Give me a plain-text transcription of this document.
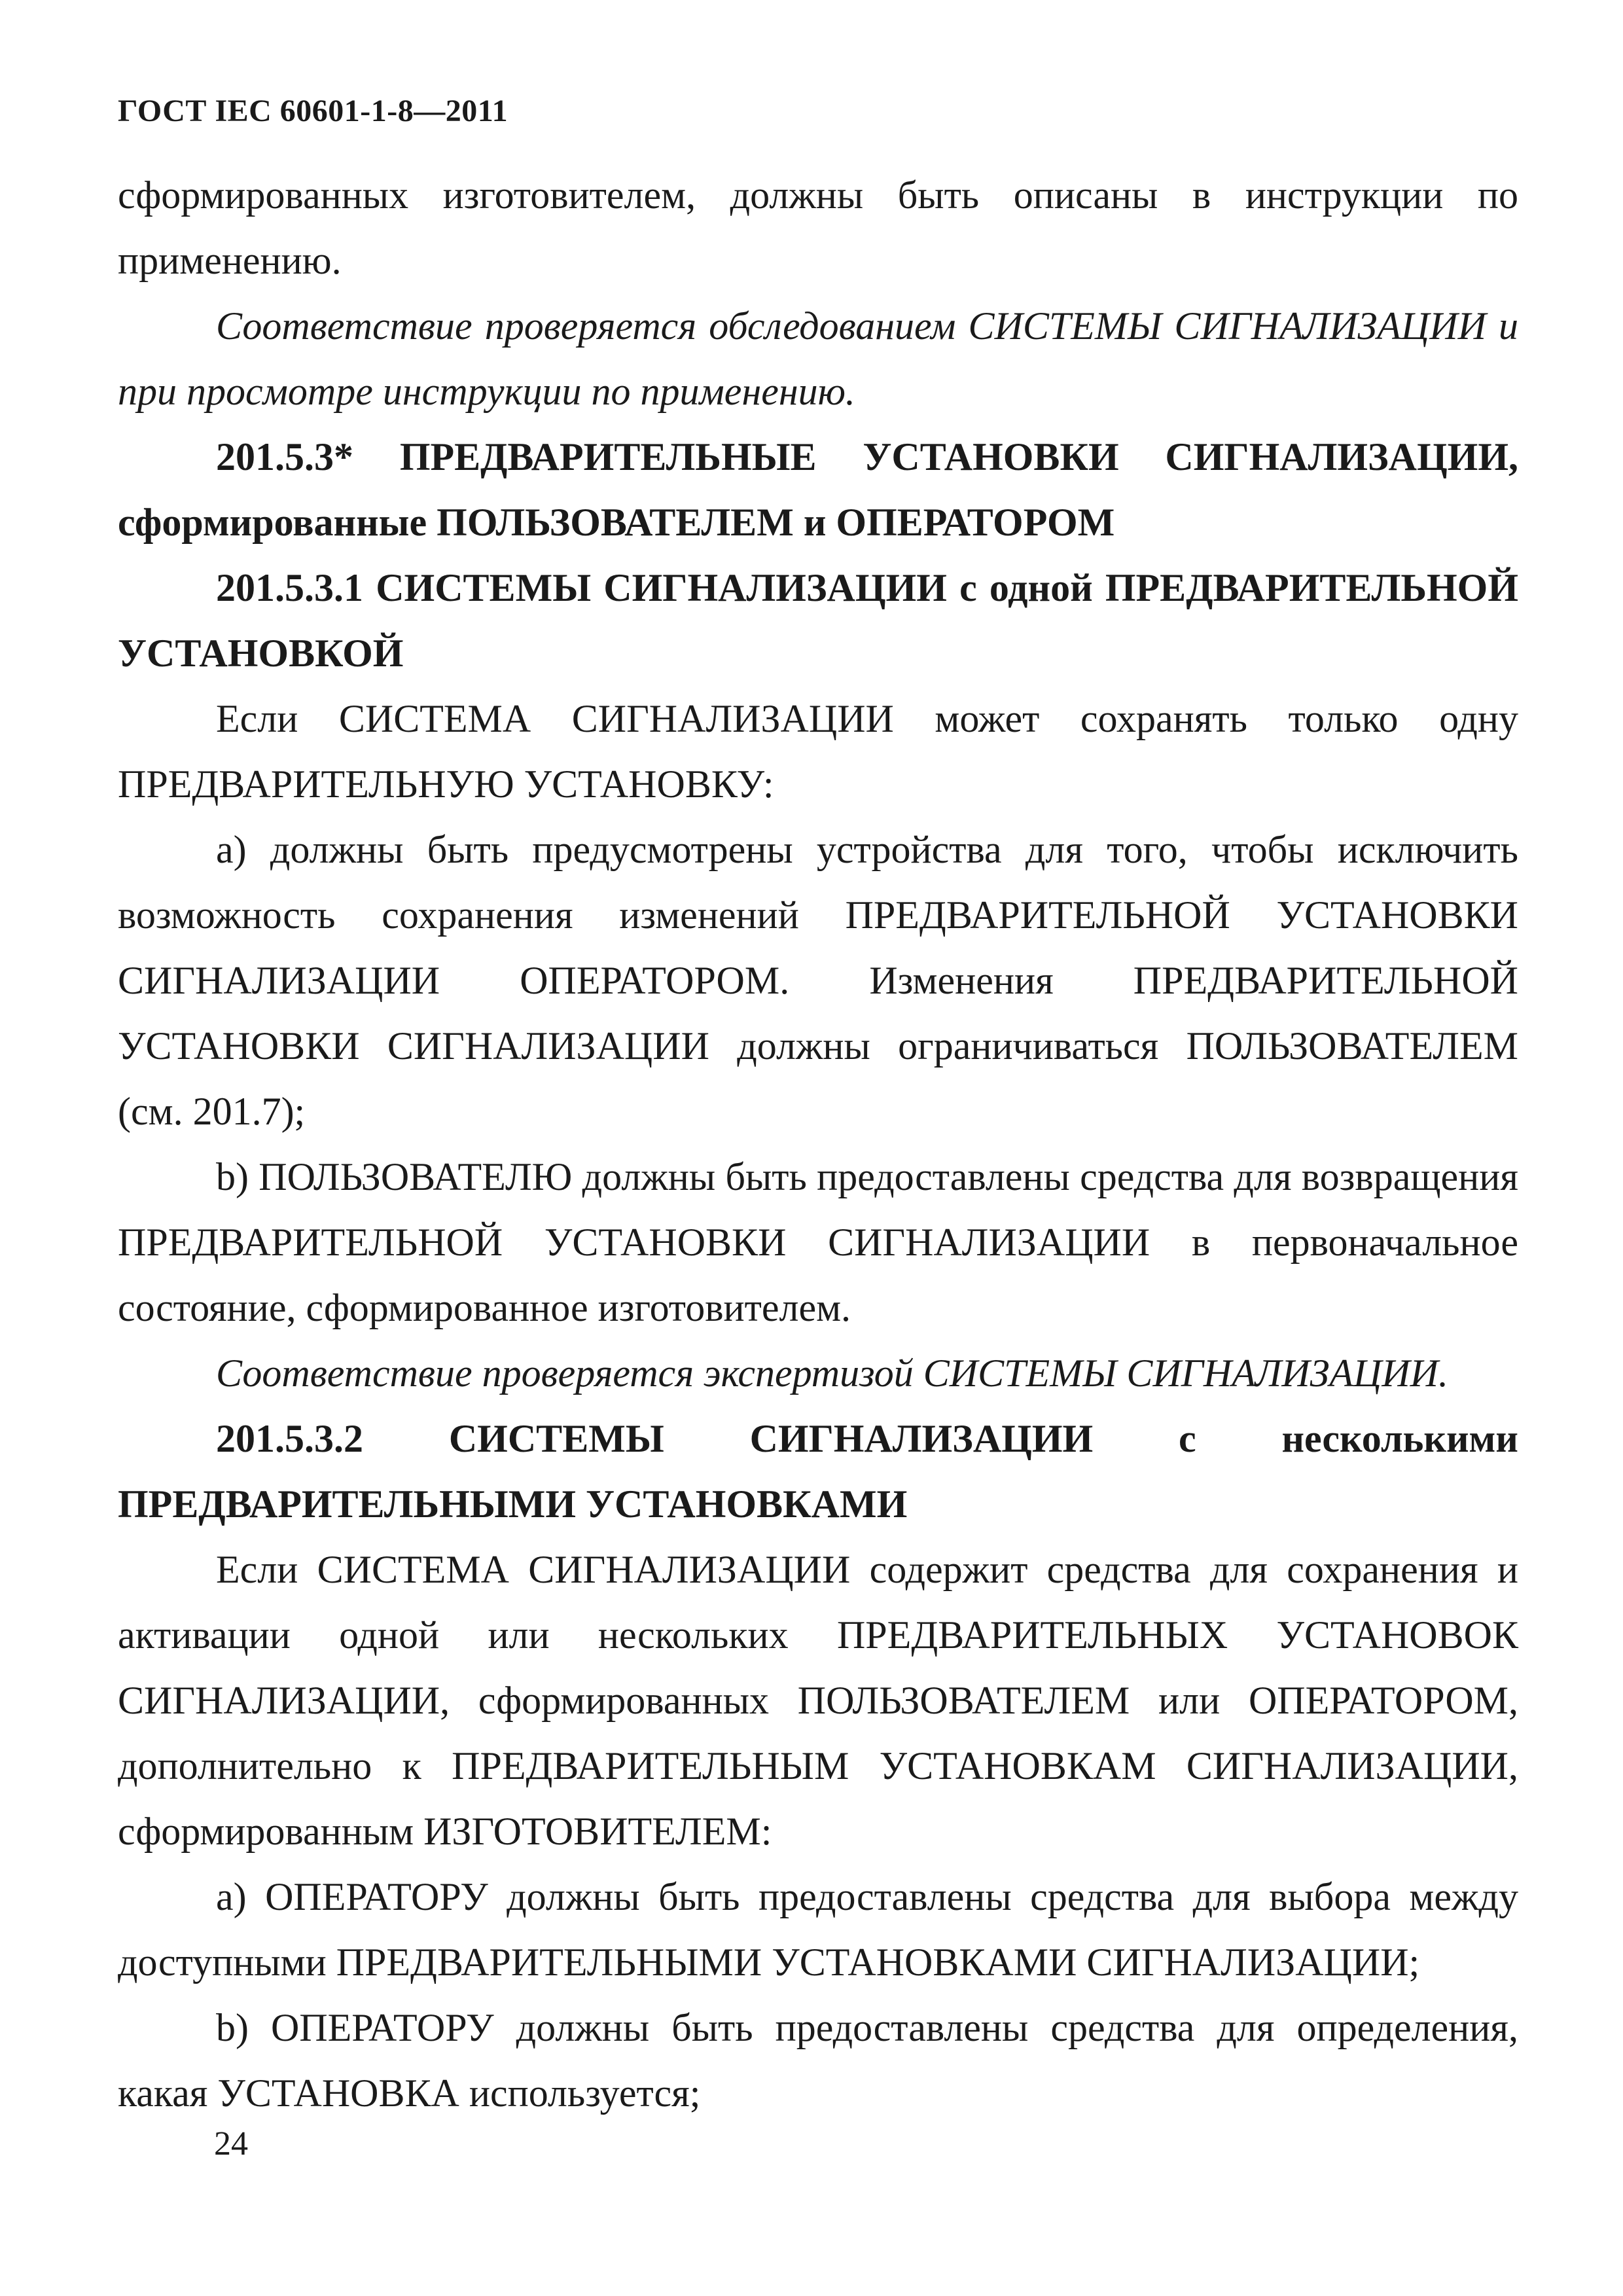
ГОСТ IEC 60601-1-8—2011

сформированных изготовителем, должны быть описаны в инструкции по применению.

Соответствие проверяется обследованием СИСТЕМЫ СИГНАЛИЗАЦИИ и при просмотре инструкции по применению.

201.5.3* ПРЕДВАРИТЕЛЬНЫЕ УСТАНОВКИ СИГНАЛИЗАЦИИ, сформированные ПОЛЬЗОВАТЕЛЕМ и ОПЕРАТОРОМ

201.5.3.1 СИСТЕМЫ СИГНАЛИЗАЦИИ с одной ПРЕДВАРИТЕЛЬНОЙ УСТАНОВКОЙ

Если СИСТЕМА СИГНАЛИЗАЦИИ может сохранять только одну ПРЕДВАРИТЕЛЬНУЮ УСТАНОВКУ:

а) должны быть предусмотрены устройства для того, чтобы исключить возможность сохранения изменений ПРЕДВАРИТЕЛЬНОЙ УСТАНОВКИ СИГНАЛИЗАЦИИ ОПЕРАТОРОМ. Изменения ПРЕДВАРИТЕЛЬНОЙ УСТАНОВКИ СИГНАЛИЗАЦИИ должны ограничиваться ПОЛЬЗОВАТЕЛЕМ (см. 201.7);

b) ПОЛЬЗОВАТЕЛЮ должны быть предоставлены средства для возвращения ПРЕДВАРИТЕЛЬНОЙ УСТАНОВКИ СИГНАЛИЗАЦИИ в первоначальное состояние, сформированное изготовителем.

Соответствие проверяется экспертизой СИСТЕМЫ СИГНАЛИЗАЦИИ.

201.5.3.2 СИСТЕМЫ СИГНАЛИЗАЦИИ с несколькими ПРЕДВАРИТЕЛЬНЫМИ УСТАНОВКАМИ

Если СИСТЕМА СИГНАЛИЗАЦИИ содержит средства для сохранения и активации одной или нескольких ПРЕДВАРИТЕЛЬНЫХ УСТАНОВОК СИГНАЛИЗАЦИИ, сформированных ПОЛЬЗОВАТЕЛЕМ или ОПЕРАТОРОМ, дополнительно к ПРЕДВАРИТЕЛЬНЫМ УСТАНОВКАМ СИГНАЛИЗАЦИИ, сформированным ИЗГОТОВИТЕЛЕМ:

а) ОПЕРАТОРУ должны быть предоставлены средства для выбора между доступными ПРЕДВАРИТЕЛЬНЫМИ УСТАНОВКАМИ СИГНАЛИЗАЦИИ;

b) ОПЕРАТОРУ должны быть предоставлены средства для определения, какая УСТАНОВКА используется;

24
